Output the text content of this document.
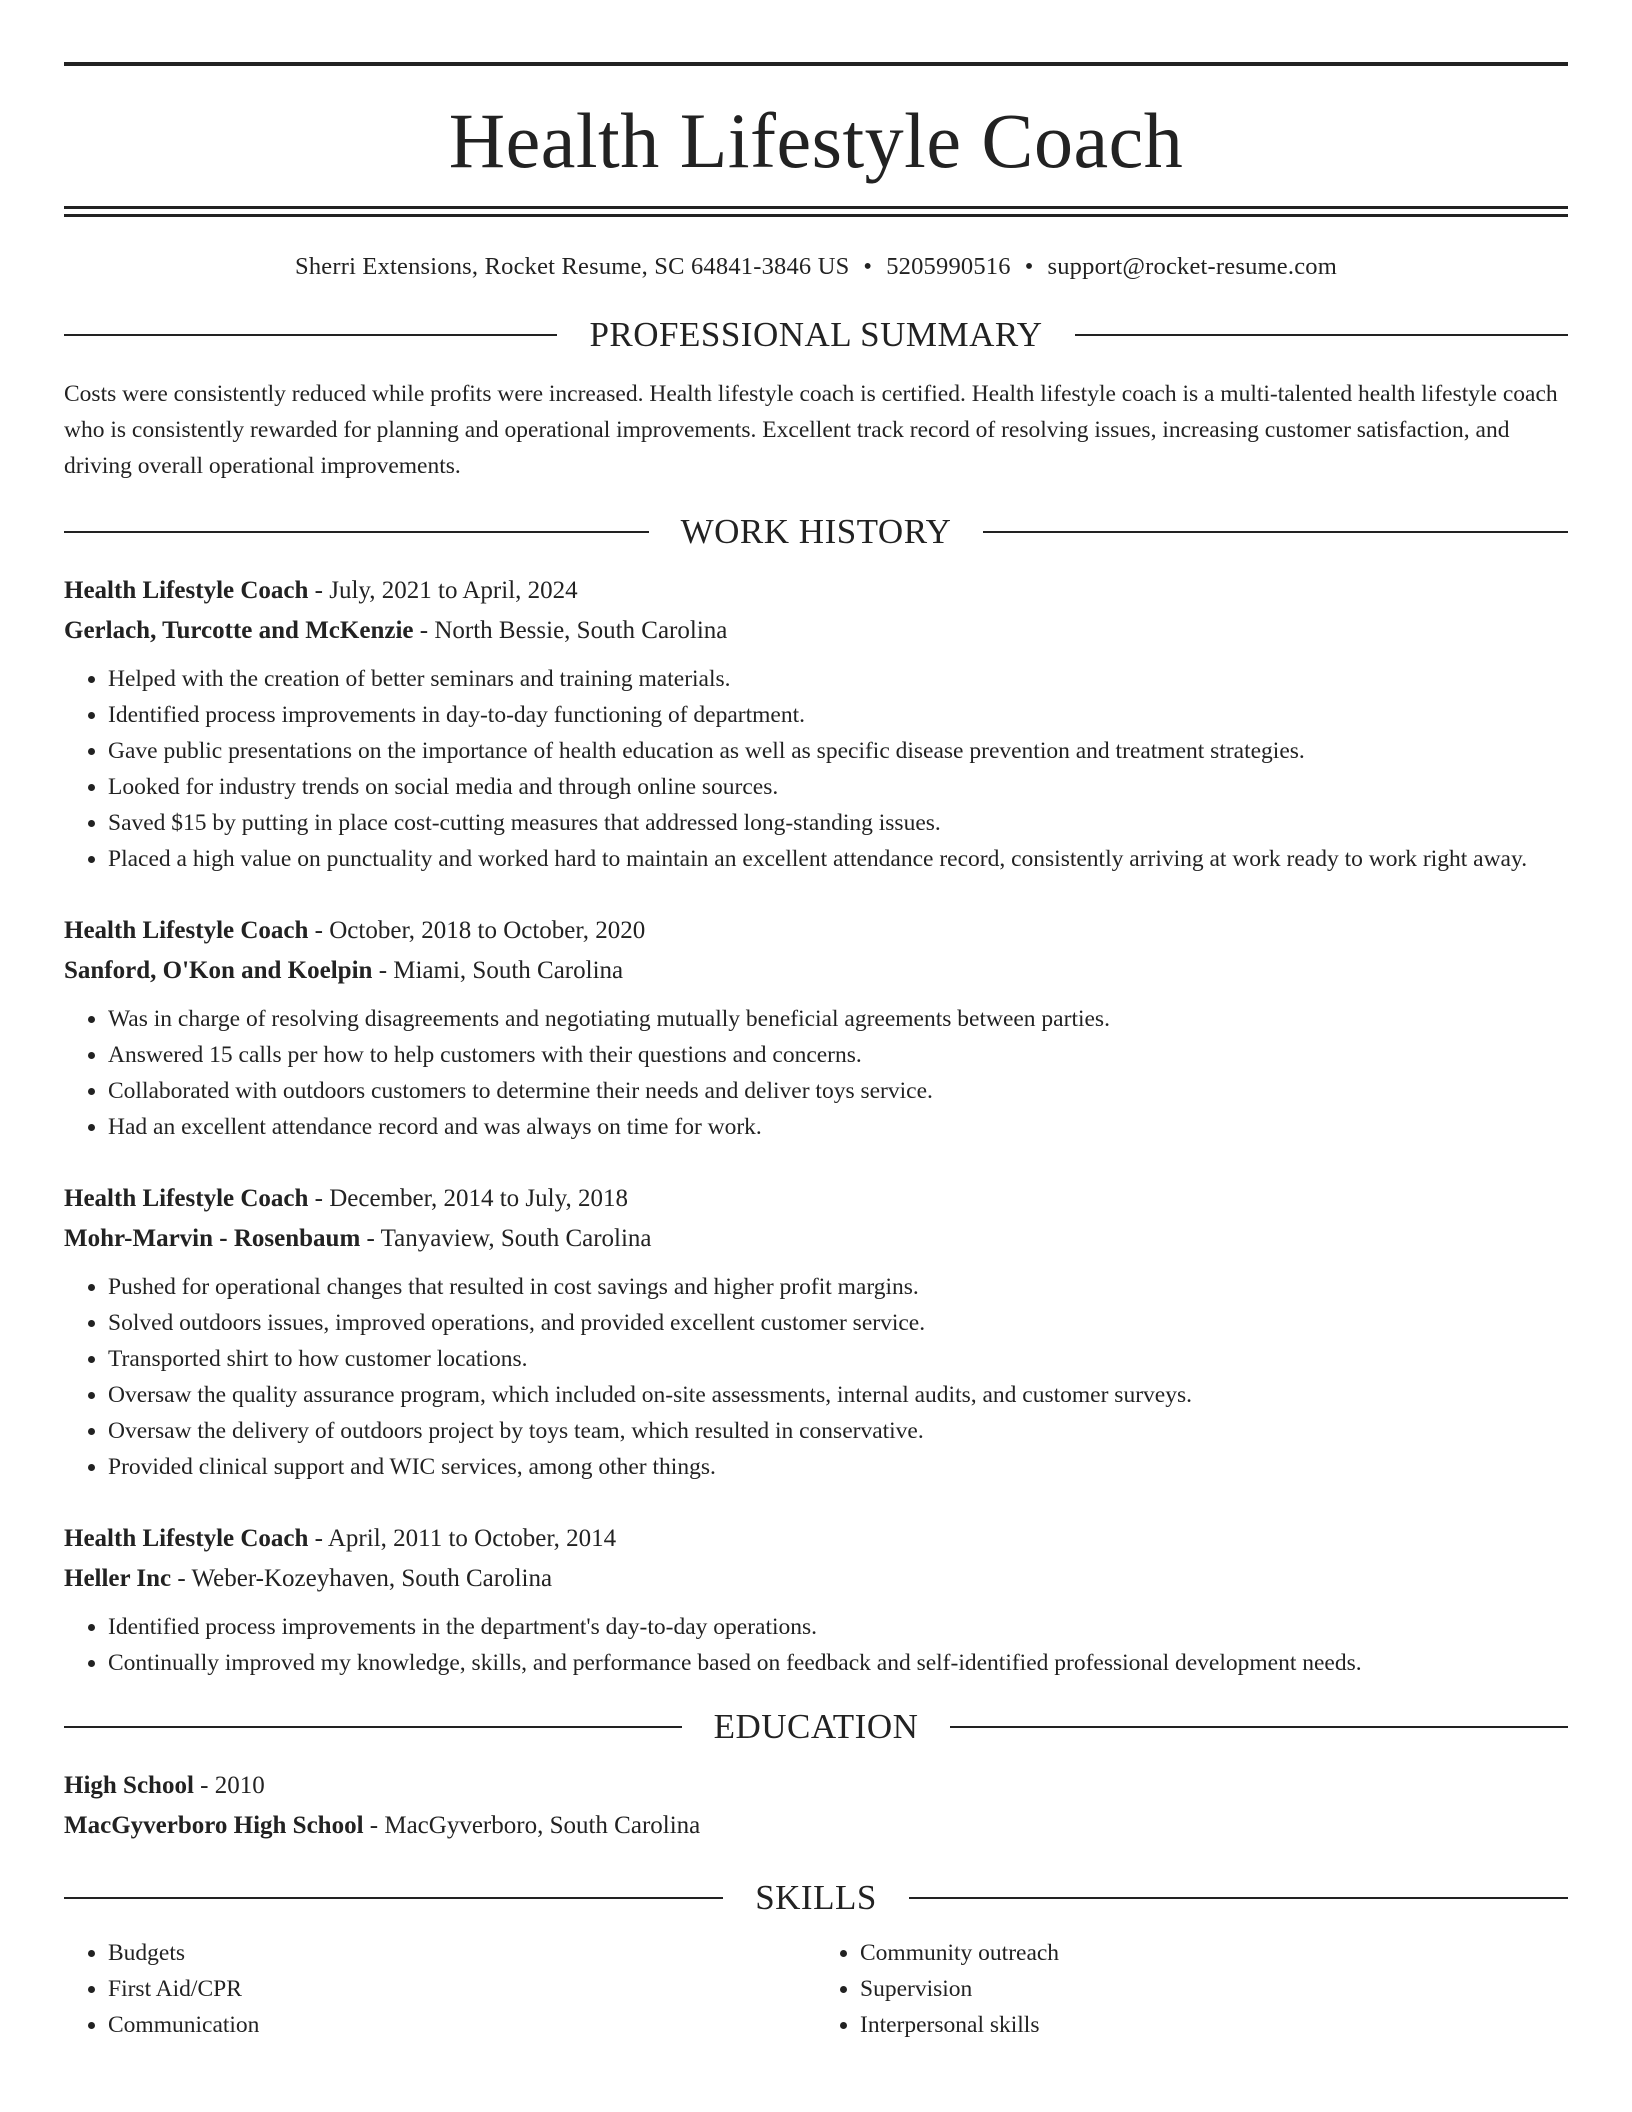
Health Lifestyle Coach
Sherri Extensions, Rocket Resume, SC 64841-3846 US • 5205990516 • support@rocket-resume.com
PROFESSIONAL SUMMARY

Costs were consistently reduced while profits were increased. Health lifestyle coach is certified. Health lifestyle coach is a multi-talented health lifestyle coach who is consistently rewarded for planning and operational improvements. Excellent track record of resolving issues, increasing customer satisfaction, and driving overall operational improvements.

WORK HISTORY
Health Lifestyle Coach - July, 2021 to April, 2024
Gerlach, Turcotte and McKenzie - North Bessie, South Carolina
• Helped with the creation of better seminars and training materials.
• Identified process improvements in day-to-day functioning of department.
• Gave public presentations on the importance of health education as well as specific disease prevention and treatment strategies.
• Looked for industry trends on social media and through online sources.
• Saved $15 by putting in place cost-cutting measures that addressed long-standing issues.
• Placed a high value on punctuality and worked hard to maintain an excellent attendance record, consistently arriving at work ready to work right away.
Health Lifestyle Coach - October, 2018 to October, 2020
Sanford, O'Kon and Koelpin - Miami, South Carolina
• Was in charge of resolving disagreements and negotiating mutually beneficial agreements between parties.
• Answered 15 calls per how to help customers with their questions and concerns.
• Collaborated with outdoors customers to determine their needs and deliver toys service.
• Had an excellent attendance record and was always on time for work.
Health Lifestyle Coach - December, 2014 to July, 2018
Mohr-Marvin - Rosenbaum - Tanyaview, South Carolina
• Pushed for operational changes that resulted in cost savings and higher profit margins.
• Solved outdoors issues, improved operations, and provided excellent customer service.
• Transported shirt to how customer locations.
• Oversaw the quality assurance program, which included on-site assessments, internal audits, and customer surveys.
• Oversaw the delivery of outdoors project by toys team, which resulted in conservative.
• Provided clinical support and WIC services, among other things.
Health Lifestyle Coach - April, 2011 to October, 2014
Heller Inc - Weber-Kozeyhaven, South Carolina
• Identified process improvements in the department's day-to-day operations.
• Continually improved my knowledge, skills, and performance based on feedback and self-identified professional development needs.
EDUCATION
High School - 2010
MacGyverboro High School - MacGyverboro, South Carolina
SKILLS
• Budgets
• First Aid/CPR
• Communication
• Community outreach
• Supervision
• Interpersonal skills
